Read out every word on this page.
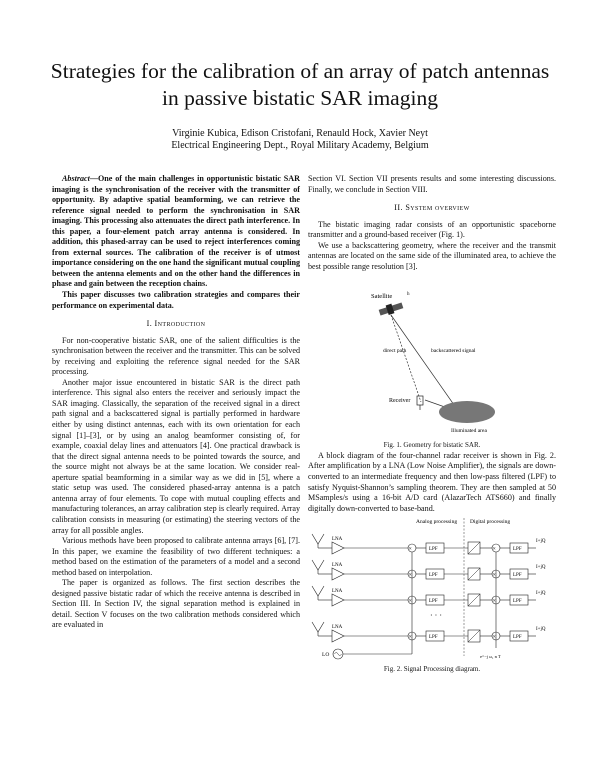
Strategies for the calibration of an array of patch antennas in passive bistatic SAR imaging
Virginie Kubica, Edison Cristofani, Renauld Hock, Xavier Neyt
Electrical Engineering Dept., Royal Military Academy, Belgium

Abstract—One of the main challenges in opportunistic bistatic SAR imaging is the synchronisation of the receiver with the transmitter of opportunity. By adaptive spatial beamforming, we can retrieve the reference signal needed to perform the synchronisation in SAR imaging. This processing also attenuates the direct path interference. In this paper, a four-element patch array antenna is considered. In addition, this phased-array can be used to reject interferences coming from external sources. The calibration of the receiver is of utmost importance considering on the one hand the significant mutual coupling between the antenna elements and on the other hand the differences in phase and gain between the reception chains.

This paper discusses two calibration strategies and compares their performance on experimental data.

I. Introduction

For non-cooperative bistatic SAR, one of the salient difficulties is the synchronisation between the receiver and the transmitter. This can be solved by receiving and exploiting the reference signal needed for the SAR processing.

Another major issue encountered in bistatic SAR is the direct path interference. This signal also enters the receiver and seriously impact the SAR imaging. Classically, the separation of the received signal in a direct path signal and a backscattered signal is partially performed in hardware either by using distinct antennas, each with its own orientation for each signal [1]–[3], or by using an analog beamformer consisting of, for example, coaxial delay lines and attenuators [4]. One practical drawback is that the direct signal antenna needs to be pointed towards the source, and the source might not always be at the same location. We consider real-aperture spatial beamforming in a similar way as we did in [5], where a static setup was used. The considered phased-array antenna is a patch antenna array of four elements. To cope with mutual coupling effects and manufacturing tolerances, an array calibration step is clearly required. Array calibration consists in measuring (or estimating) the steering vectors of the array for all possible angles.

Various methods have been proposed to calibrate antenna arrays [6], [7]. In this paper, we examine the feasibility of two different techniques: a method based on the estimation of the parameters of a model and a second method based on interpolation.

The paper is organized as follows. The first section describes the designed passive bistatic radar of which the receive antenna is described in Section III. In Section IV, the signal separation method is explained in detail. Section V focuses on the two calibration methods considered which are evaluated in

Section VI. Section VII presents results and some interesting discussions. Finally, we conclude in Section VIII.

II. System overview

The bistatic imaging radar consists of an opportunistic spaceborne transmitter and a ground-based receiver (Fig. 1).

We use a backscattering geometry, where the receiver and the transmit antennas are located on the same side of the illuminated area, to achieve the best possible range resolution [3].

Satellite ʰ
direct path	backscattered signal
Receiver
Illuminated area

Fig. 1. Geometry for bistatic SAR.

A block diagram of the four-channel radar receiver is shown in Fig. 2. After amplification by a LNA (Low Noise Amplifier), the signals are down-converted to an intermediate frequency and then low-pass filtered (LPF) to satisfy Nyquist-Shannon’s sampling theorem. They are then sampled at 50 MSamples/s using a 16-bit A/D card (AlazarTech ATS660) and finally digitally down-converted to base-band.

Analog processing Digital processing
LNA
×	LPF	×	LPF
I+jQ
LNA
×	LPF	×	LPF
I+jQ
LNA
×	LPF	×	LPF
I+jQ
· · ·
LNA
×	LPF	×	LPF
I+jQ
LO	e^−j ω₁ n T

Fig. 2. Signal Processing diagram.
